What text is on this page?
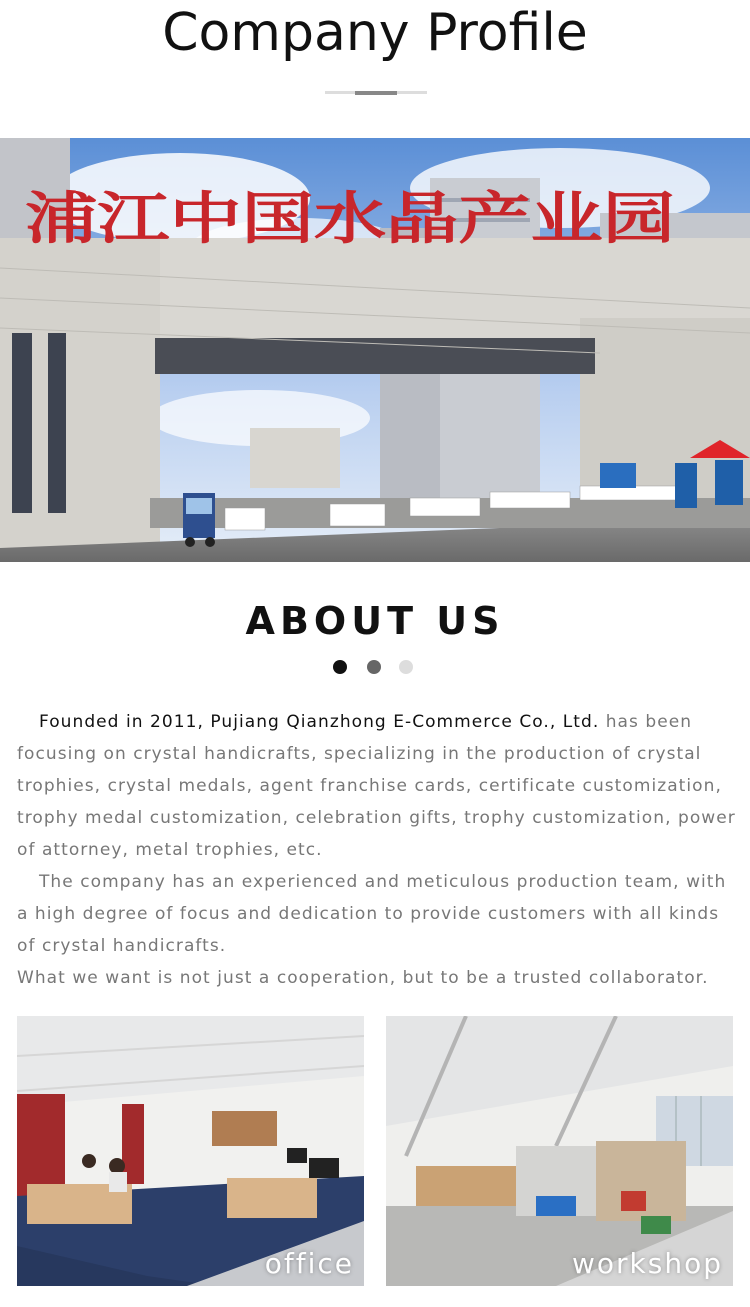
Company Profile
浦江中国水晶产业园
ABOUT US

Founded in 2011, Pujiang Qianzhong E-Commerce Co., Ltd. has been focusing on crystal handicrafts, specializing in the production of crystal trophies, crystal medals, agent franchise cards, certificate customization, trophy medal customization, celebration gifts, trophy customization, power of attorney, metal trophies, etc.

The company has an experienced and meticulous production team, with a high degree of focus and dedication to provide customers with all kinds of crystal handicrafts.

What we want is not just a cooperation, but to be a trusted collaborator.

office	workshop
